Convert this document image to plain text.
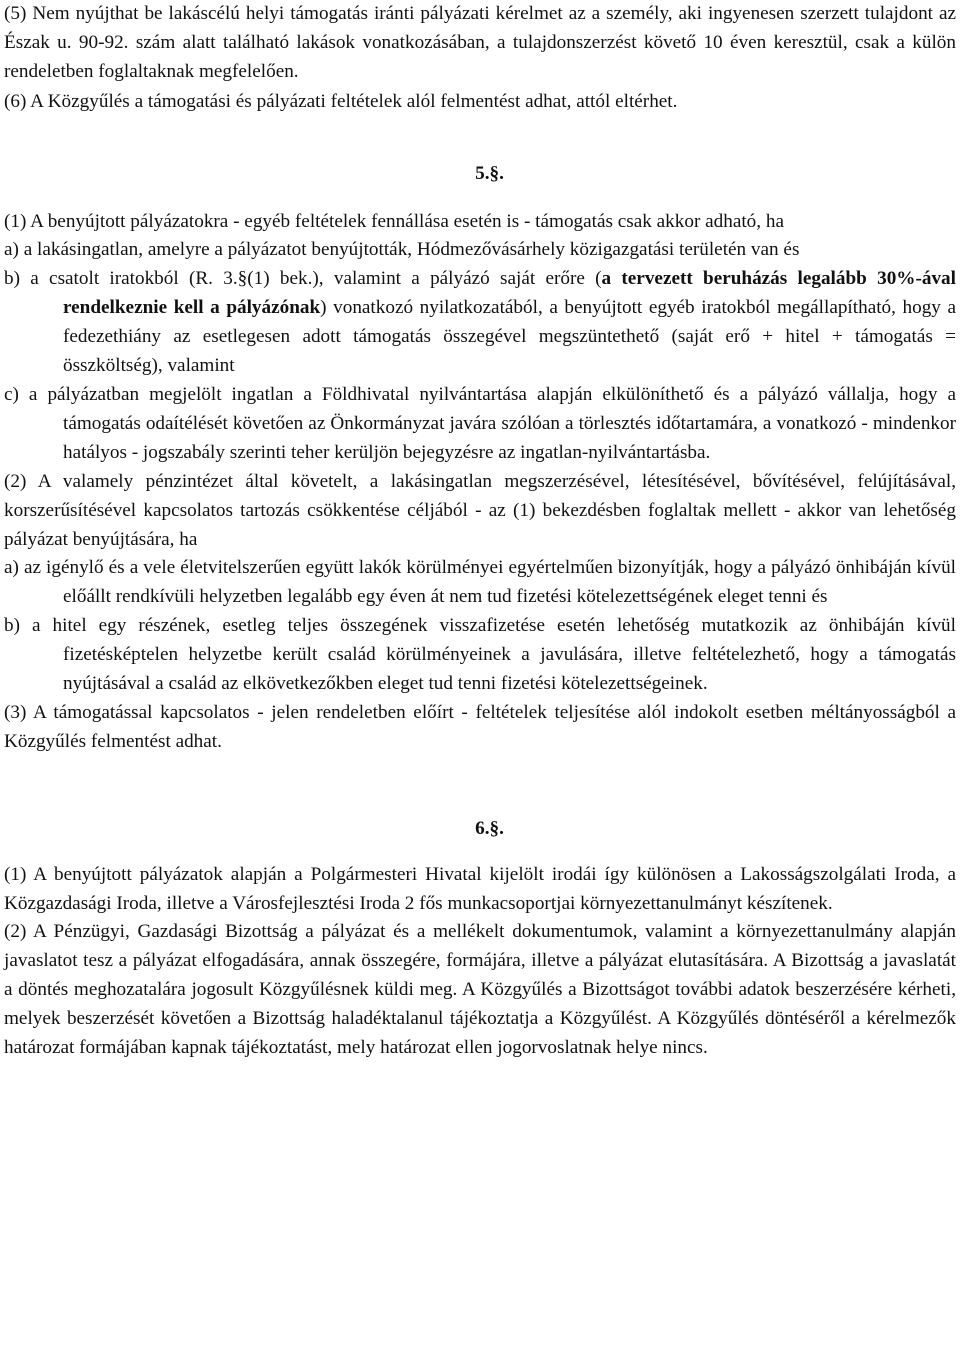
(5) Nem nyújthat be lakáscélú helyi támogatás iránti pályázati kérelmet az a személy, aki ingyenesen szerzett tulajdont az Észak u. 90-92. szám alatt található lakások vonatkozásában, a tulajdonszerzést követő 10 éven keresztül, csak a külön rendeletben foglaltaknak megfelelően.

(6) A Közgyűlés a támogatási és pályázati feltételek alól felmentést adhat, attól eltérhet.

5.§.

(1) A benyújtott pályázatokra - egyéb feltételek fennállása esetén is - támogatás csak akkor adható, ha

a) a lakásingatlan, amelyre a pályázatot benyújtották, Hódmezővásárhely közigazgatási területén van és

b) a csatolt iratokból (R. 3.§(1) bek.), valamint a pályázó saját erőre (a tervezett beruházás legalább 30%-ával rendelkeznie kell a pályázónak) vonatkozó nyilatkozatából, a benyújtott egyéb iratokból megállapítható, hogy a fedezethiány az esetlegesen adott támogatás összegével megszüntethető (saját erő + hitel + támogatás = összköltség), valamint

c) a pályázatban megjelölt ingatlan a Földhivatal nyilvántartása alapján elkülöníthető és a pályázó vállalja, hogy a támogatás odaítélését követően az Önkormányzat javára szólóan a törlesztés időtartamára, a vonatkozó - mindenkor hatályos - jogszabály szerinti teher kerüljön bejegyzésre az ingatlan-nyilvántartásba.

(2) A valamely pénzintézet által követelt, a lakásingatlan megszerzésével, létesítésével, bővítésével, felújításával, korszerűsítésével kapcsolatos tartozás csökkentése céljából - az (1) bekezdésben foglaltak mellett - akkor van lehetőség pályázat benyújtására, ha

a) az igénylő és a vele életvitelszerűen együtt lakók körülményei egyértelműen bizonyítják, hogy a pályázó önhibáján kívül előállt rendkívüli helyzetben legalább egy éven át nem tud fizetési kötelezettségének eleget tenni és

b) a hitel egy részének, esetleg teljes összegének visszafizetése esetén lehetőség mutatkozik az önhibáján kívül fizetésképtelen helyzetbe került család körülményeinek a javulására, illetve feltételezhető, hogy a támogatás nyújtásával a család az elkövetkezőkben eleget tud tenni fizetési kötelezettségeinek.

(3) A támogatással kapcsolatos - jelen rendeletben előírt - feltételek teljesítése alól indokolt esetben méltányosságból a Közgyűlés felmentést adhat.

6.§.

(1) A benyújtott pályázatok alapján a Polgármesteri Hivatal kijelölt irodái így különösen a Lakosságszolgálati Iroda, a Közgazdasági Iroda, illetve a Városfejlesztési Iroda 2 fős munkacsoportjai környezettanulmányt készítenek.

(2) A Pénzügyi, Gazdasági Bizottság a pályázat és a mellékelt dokumentumok, valamint a környezettanulmány alapján javaslatot tesz a pályázat elfogadására, annak összegére, formájára, illetve a pályázat elutasítására. A Bizottság a javaslatát a döntés meghozatalára jogosult Közgyűlésnek küldi meg. A Közgyűlés a Bizottságot további adatok beszerzésére kérheti, melyek beszerzését követően a Bizottság haladéktalanul tájékoztatja a Közgyűlést. A Közgyűlés döntéséről a kérelmezők határozat formájában kapnak tájékoztatást, mely határozat ellen jogorvoslatnak helye nincs.
